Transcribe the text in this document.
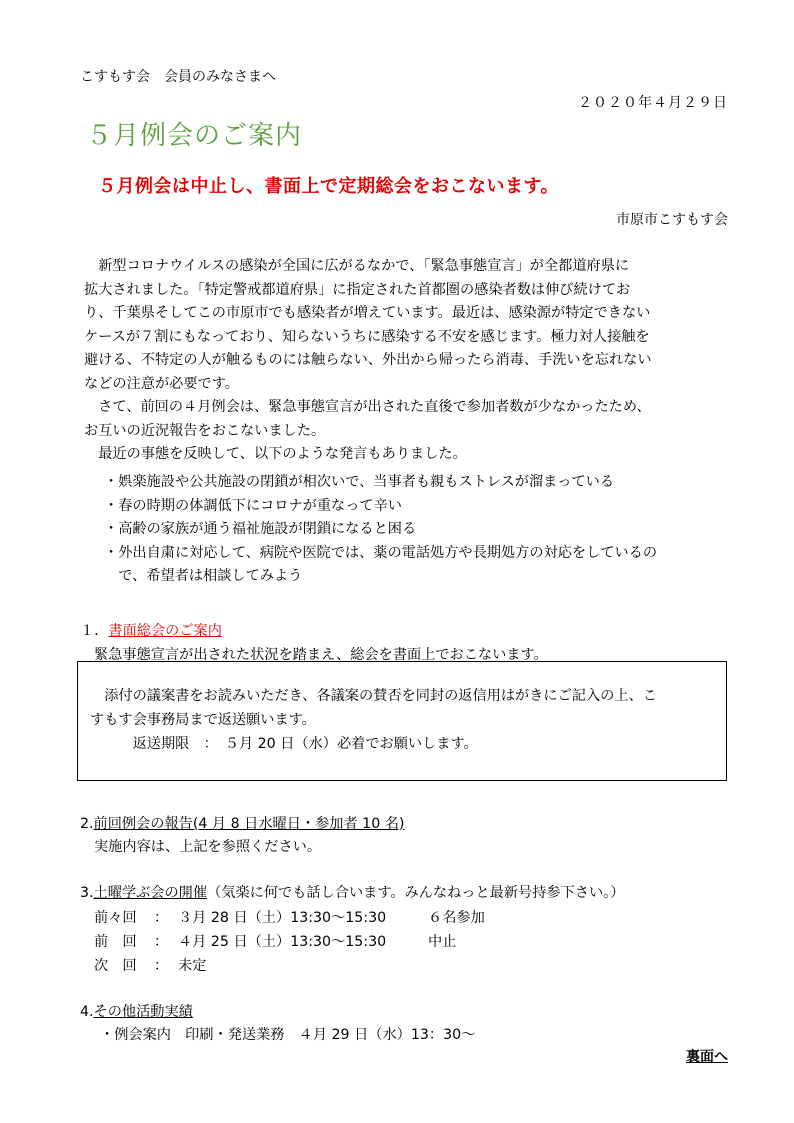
こすもす会　会員のみなさまへ
２０２０年４月２９日
５月例会のご案内
５月例会は中止し、書面上で定期総会をおこないます。
市原市こすもす会

　新型コロナウイルスの感染が全国に広がるなかで、「緊急事態宣言」が全都道府県に

拡大されました。「特定警戒都道府県」に指定された首都圏の感染者数は伸び続けてお

り、千葉県そしてこの市原市でも感染者が増えています。最近は、感染源が特定できない

ケースが７割にもなっており、知らないうちに感染する不安を感じます。極力対人接触を

避ける、不特定の人が触るものには触らない、外出から帰ったら消毒、手洗いを忘れない

などの注意が必要です。

　さて、前回の４月例会は、緊急事態宣言が出された直後で参加者数が少なかったため、

お互いの近況報告をおこないました。

　最近の事態を反映して、以下のような発言もありました。

・娯楽施設や公共施設の閉鎖が相次いで、当事者も親もストレスが溜まっている
・春の時期の体調低下にコロナが重なって辛い
・高齢の家族が通う福祉施設が閉鎖になると困る
・外出自粛に対応して、病院や医院では、薬の電話処方や長期処方の対応をしているの
　で、希望者は相談してみよう
１．書面総会のご案内
緊急事態宣言が出された状況を踏まえ、総会を書面上でおこないます。
　添付の議案書をお読みいただき、各議案の賛否を同封の返信用はがきにご記入の上、こ
すもす会事務局まで返送願います。
　　　返送期限　：　５月 20 日（水）必着でお願いします。
2.前回例会の報告(4 月 8 日水曜日・参加者 10 名)
実施内容は、上記を参照ください。
3.土曜学ぶ会の開催（気楽に何でも話し合います。みんなねっと最新号持参下さい。）
前々回 ： ３月 28 日（土）13:30～15:30	６名参加
前　回 ： ４月 25 日（土）13:30～15:30	中止
次　回 ： 未定
4.その他活動実績
・例会案内　印刷・発送業務　４月 29 日（水）13：30～
裏面へ
